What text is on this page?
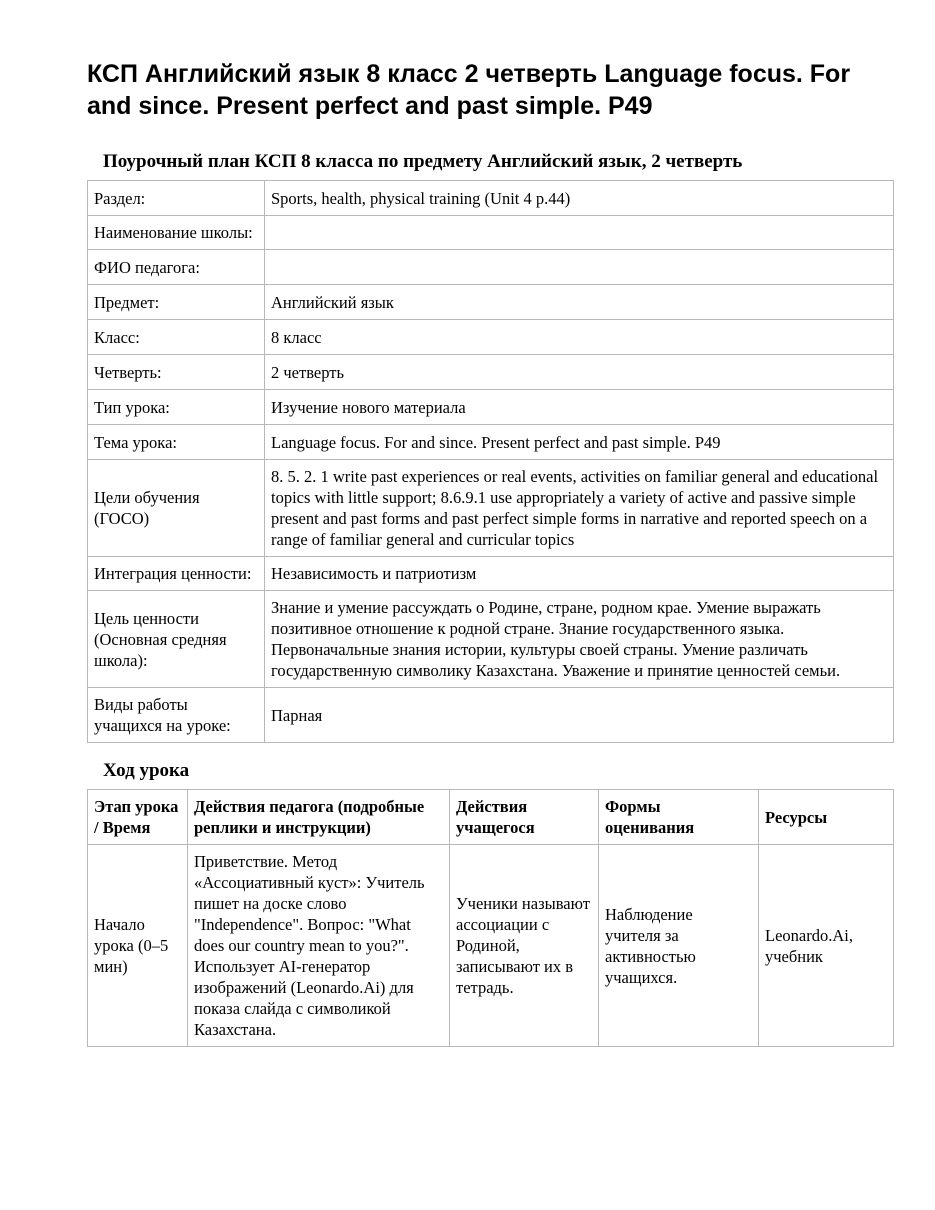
КСП Английский язык 8 класс 2 четверть Language focus. For and since. Present perfect and past simple. P49
Поурочный план КСП 8 класса по предмету Английский язык, 2 четверть
Раздел:	Sports, health, physical training (Unit 4 p.44)
Наименование школы:	
ФИО педагога:	
Предмет:	Английский язык
Класс:	8 класс
Четверть:	2 четверть
Тип урока:	Изучение нового материала
Тема урока:	Language focus. For and since. Present perfect and past simple. P49
Цели обучения (ГОСО)	8. 5. 2. 1 write past experiences or real events, activities on familiar general and educational topics with little support; 8.6.9.1 use appropriately a variety of active and passive simple present and past forms and past perfect simple forms in narrative and reported speech on a range of familiar general and curricular topics
Интеграция ценности:	Независимость и патриотизм
Цель ценности (Основная средняя школа):	Знание и умение рассуждать о Родине, стране, родном крае. Умение выражать позитивное отношение к родной стране. Знание государственного языка. Первоначальные знания истории, культуры своей страны. Умение различать государственную символику Казахстана. Уважение и принятие ценностей семьи.
Виды работы учащихся на уроке:	Парная
Ход урока
Этап урока / Время	Действия педагога (подробные реплики и инструкции)	Действия учащегося	Формы оценивания	Ресурсы
Начало урока (0–5 мин)	Приветствие. Метод «Ассоциативный куст»: Учитель пишет на доске слово "Independence". Вопрос: "What does our country mean to you?". Использует AI-генератор изображений (Leonardo.Ai) для показа слайда с символикой Казахстана.	Ученики называют ассоциации с Родиной, записывают их в тетрадь.	Наблюдение учителя за активностью учащихся.	Leonardo.Ai, учебник
